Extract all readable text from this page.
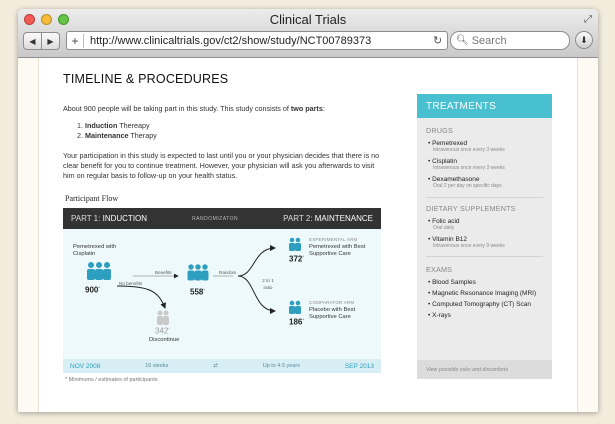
Clinical Trials	⤢
◀	▶	+	http://www.clinicaltrials.gov/ct2/show/study/NCT00789373	↻	🔍︎ Search	⬇
TIMELINE & PROCEDURES
About 900 people will be taking part in this study. This study consists of two parts:
1. Induction Thereapy
2. Maintenance Therapy
Your participation in this study is expected to last until you or your physician decides that there is no clear benefit for you to continue treatment. However, your physician will ask you afterwards to visit him on regular basis to follow-up on your health status.
Participant Flow
PART 1: INDUCTION	RANDOMIZATON	PART 2: MAINTENANCE
Pemetrexed with Cisplatin
900*
No benefits
Benefits
342*
Discontinue
558*
Random
2 to 1 ratio
EXPERIMENTAL ARM
372*
Pemetrexed with Best Supportive Care
COMPARATOR ARM
186*
Placebo with Best Supportive Care
NOV 2008	16 weeks	⇄	Up to 4.5 years	SEP 2013
* Minimums / estimates of participants
TREATMENTS
DRUGS
• Pemetrexed
Intravenous once every 3 weeks
• Cisplatin
Intravenous once every 3 weeks
• Dexamethasone
Oral 2 per day on specific days
DIETARY SUPPLEMENTS
• Folic acid
Oral daily
• Vitamin B12
Intravenous once every 9 weeks
EXAMS
• Blood Samples
• Magnetic Resonance Imaging (MRI)
• Computed Tomography (CT) Scan
• X-rays
View possible risks and disconforts
